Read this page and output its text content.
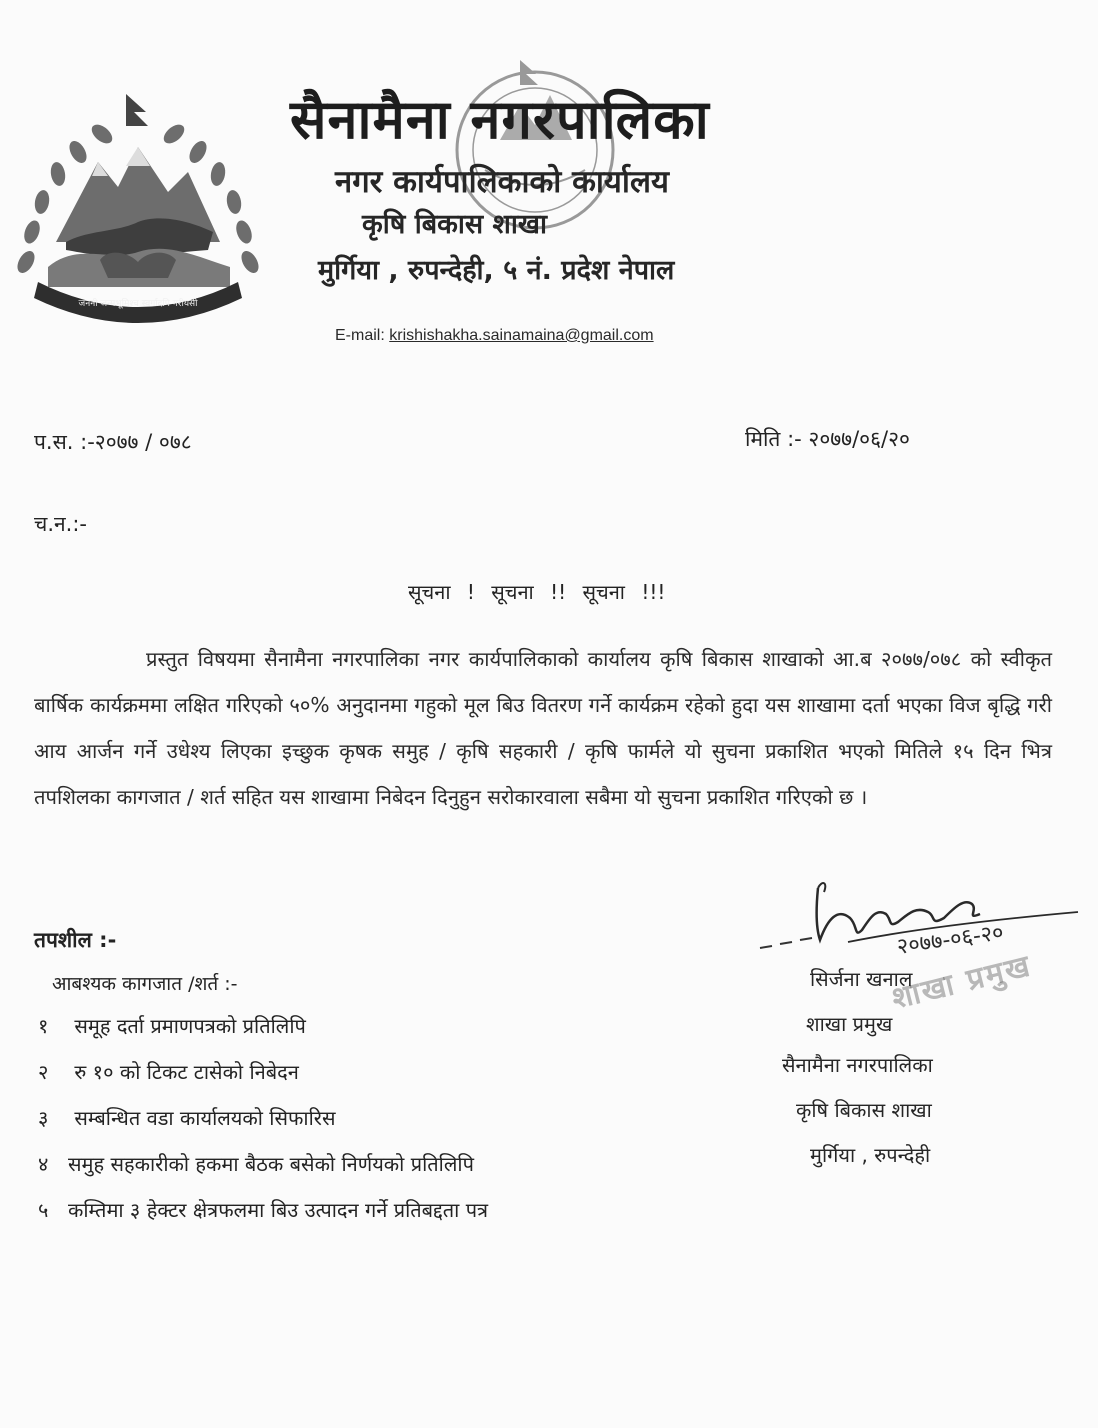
जननी जन्मभूमिश्च स्वर्गादपि गरीयसी
सैनामैना नगरपालिका
नगर कार्यपालिकाको कार्यालय
कृषि बिकास शाखा
मुर्गिया , रुपन्देही, ५ नं. प्रदेश नेपाल
E-mail: krishishakha.sainamaina@gmail.com
प.स. :-२०७७ / ०७८	मिति :- २०७७/०६/२०
च.न.:-
सूचना ! सूचना !! सूचना !!!
प्रस्तुत विषयमा सैनामैना नगरपालिका नगर कार्यपालिकाको कार्यालय कृषि बिकास शाखाको आ.ब २०७७/०७८ को स्वीकृत बार्षिक कार्यक्रममा लक्षित गरिएको ५०% अनुदानमा गहुको मूल बिउ वितरण गर्ने कार्यक्रम रहेको हुदा यस शाखामा दर्ता भएका विज बृद्धि गरी आय आर्जन गर्ने उधेश्य लिएका इच्छुक कृषक समुह / कृषि सहकारी / कृषि फार्मले यो सुचना प्रकाशित भएको मितिले १५ दिन भित्र तपशिलका कागजात / शर्त सहित यस शाखामा निबेदन दिनुहुन सरोकारवाला सबैमा यो सुचना प्रकाशित गरिएको छ ।
तपशील :-
आबश्यक कागजात /शर्त :-
१ समूह दर्ता प्रमाणपत्रको प्रतिलिपि
२ रु १० को टिकट टासेको निबेदन
३ सम्बन्धित वडा कार्यालयको सिफारिस
४ समुह सहकारीको हकमा बैठक बसेको निर्णयको प्रतिलिपि
५ कम्तिमा ३ हेक्टर क्षेत्रफलमा बिउ उत्पादन गर्ने प्रतिबद्दता पत्र
२०७७-०६-२०
शाखा प्रमुख
सिर्जना खनाल
शाखा प्रमुख
सैनामैना नगरपालिका
कृषि बिकास शाखा
मुर्गिया , रुपन्देही
